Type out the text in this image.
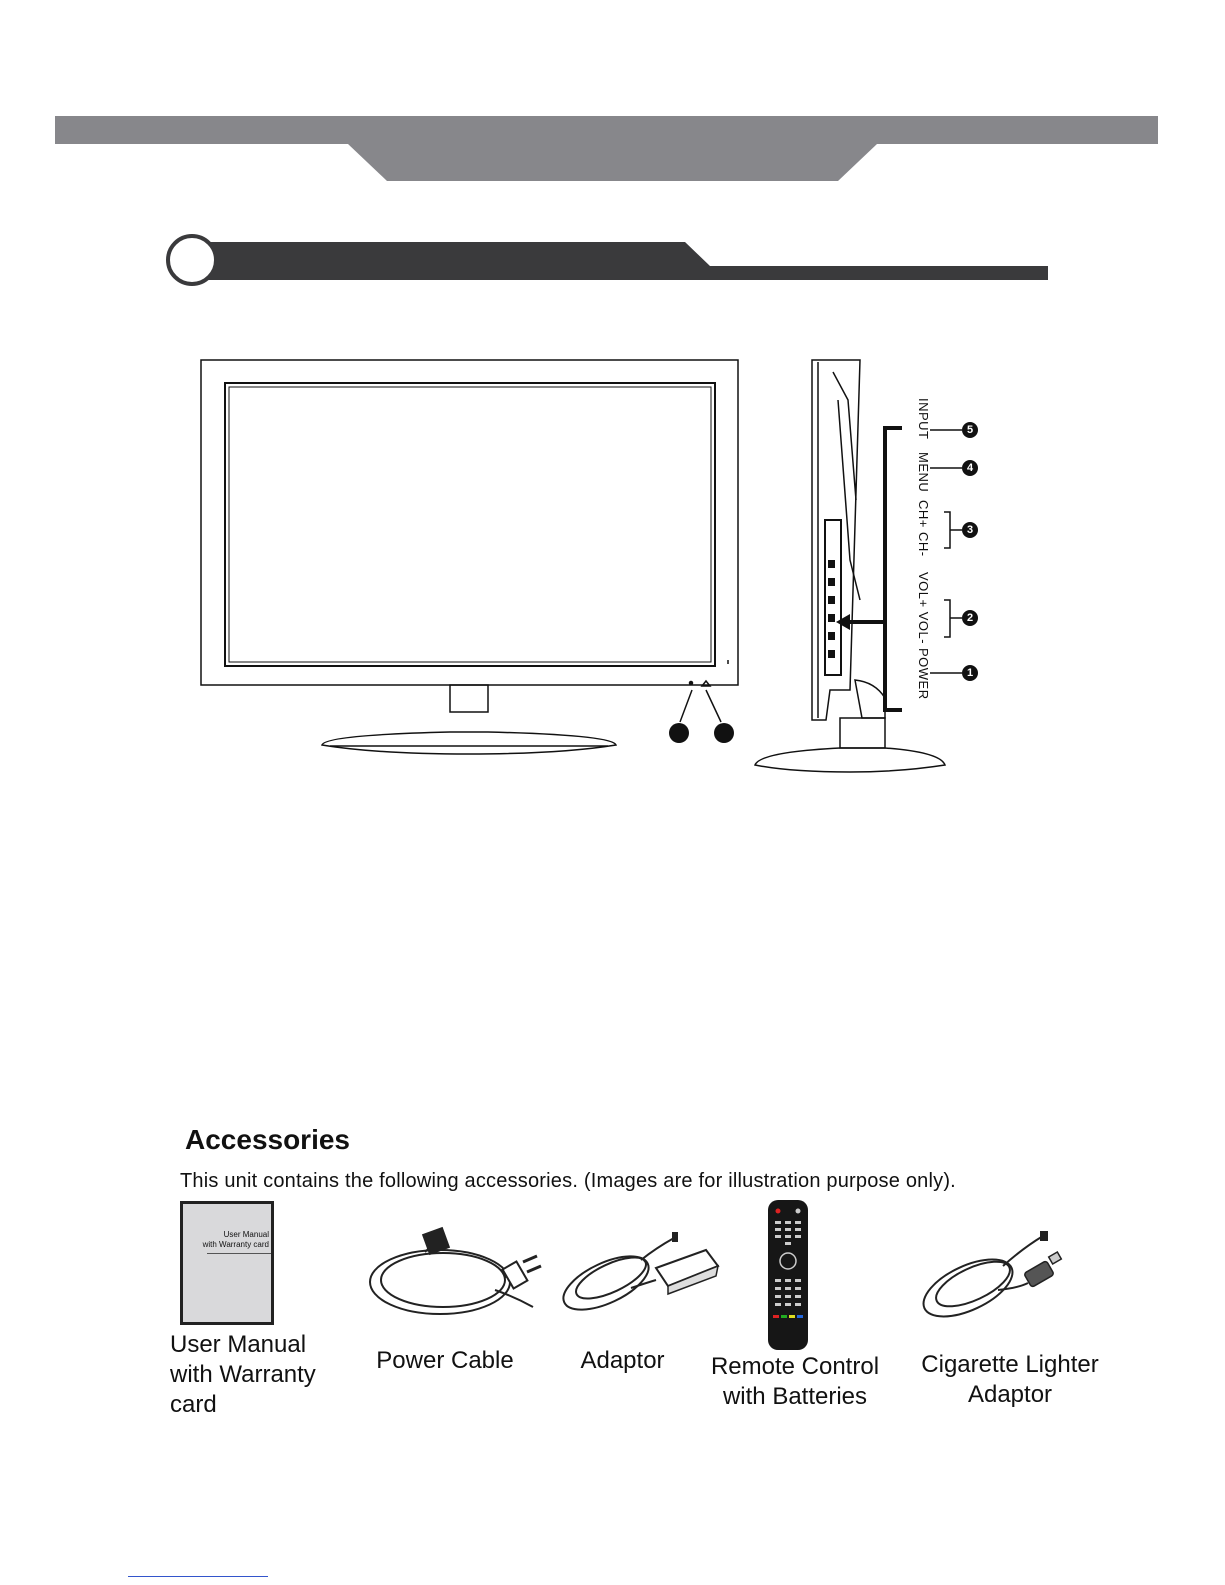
INPUT
MENU
CH+ CH-
VOL+ VOL-
POWER
5
4
3
2
1
Accessories
This unit contains the following accessories. (Images are for illustration purpose only).
User Manual
with Warranty card
User Manual with Warranty card
Power Cable	Adaptor	Remote Control with Batteries
Cigarette Lighter Adaptor
